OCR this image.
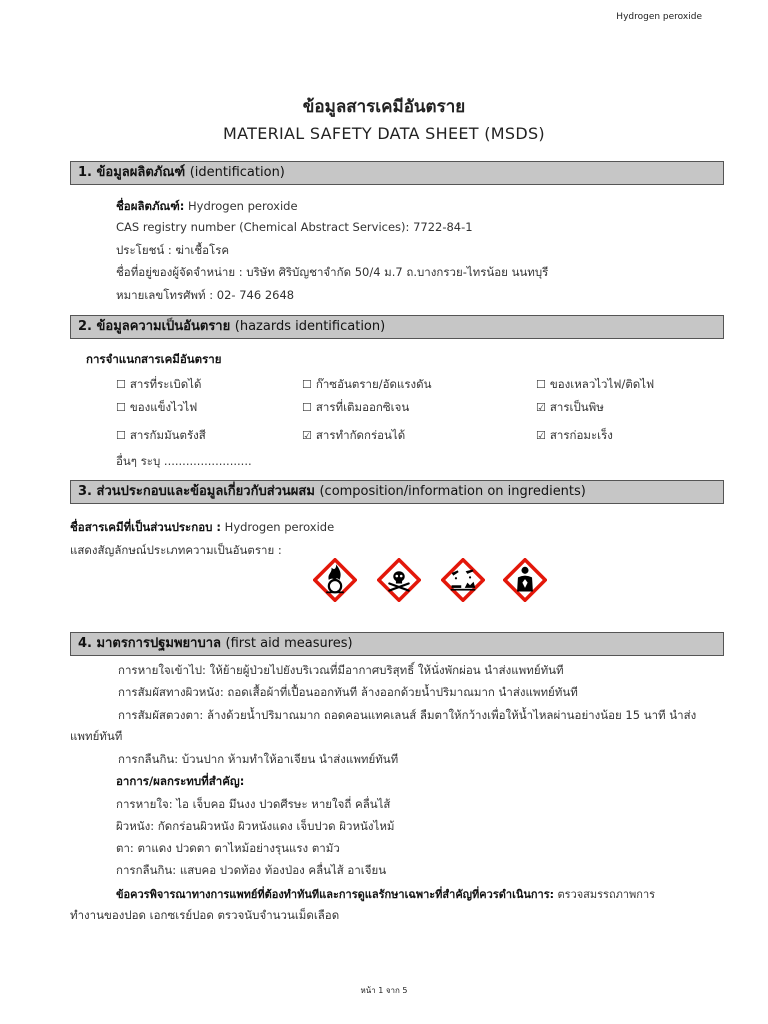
Hydrogen peroxide
ข้อมูลสารเคมีอันตราย
MATERIAL SAFETY DATA SHEET (MSDS)
1. ข้อมูลผลิตภัณฑ์ (identification)
ชื่อผลิตภัณฑ์: Hydrogen peroxide
CAS registry number (Chemical Abstract Services): 7722-84-1
ประโยชน์ : ฆ่าเชื้อโรค
ชื่อที่อยู่ของผู้จัดจำหน่าย : บริษัท ศิริบัญชาจำกัด 50/4 ม.7 ถ.บางกรวย-ไทรน้อย นนทบุรี
หมายเลขโทรศัพท์ : 02- 746 2648
2. ข้อมูลความเป็นอันตราย (hazards identification)
การจำแนกสารเคมีอันตราย
☐ สารที่ระเบิดได้	☐ ก๊าซอันตราย/อัดแรงดัน	☐ ของเหลวไวไฟ/ติดไฟ
☐ ของแข็งไวไฟ	☐ สารที่เติมออกซิเจน	☑ สารเป็นพิษ
☐ สารกัมมันตรังสี	☑ สารทำกัดกร่อนได้	☑ สารก่อมะเร็ง
อื่นๆ ระบุ ........................
3. ส่วนประกอบและข้อมูลเกี่ยวกับส่วนผสม (composition/information on ingredients)
ชื่อสารเคมีที่เป็นส่วนประกอบ : Hydrogen peroxide
แสดงสัญลักษณ์ประเภทความเป็นอันตราย :
4. มาตรการปฐมพยาบาล (first aid measures)
การหายใจเข้าไป: ให้ย้ายผู้ป่วยไปยังบริเวณที่มีอากาศบริสุทธิ์ ให้นั่งพักผ่อน นำส่งแพทย์ทันที
การสัมผัสทางผิวหนัง: ถอดเสื้อผ้าที่เปื้อนออกทันที ล้างออกด้วยน้ำปริมาณมาก นำส่งแพทย์ทันที
การสัมผัสตวงตา: ล้างด้วยน้ำปริมาณมาก ถอดคอนแทคเลนส์ ลืมตาให้กว้างเพื่อให้น้ำไหลผ่านอย่างน้อย 15 นาที นำส่ง
แพทย์ทันที
การกลืนกิน: บ้วนปาก ห้ามทำให้อาเจียน นำส่งแพทย์ทันที
อาการ/ผลกระทบที่สำคัญ:
การหายใจ: ไอ เจ็บคอ มึนงง ปวดศีรษะ หายใจถี่ คลื่นไส้
ผิวหนัง: กัดกร่อนผิวหนัง ผิวหนังแดง เจ็บปวด ผิวหนังไหม้
ตา: ตาแดง ปวดตา ตาไหม้อย่างรุนแรง ตามัว
การกลืนกิน: แสบคอ ปวดท้อง ท้องป่อง คลื่นไส้ อาเจียน
ข้อควรพิจารณาทางการแพทย์ที่ต้องทำทันทีและการดูแลรักษาเฉพาะที่สำคัญที่ควรดำเนินการ: ตรวจสมรรถภาพการ
ทำงานของปอด เอกซเรย์ปอด ตรวจนับจำนวนเม็ดเลือด
หน้า 1 จาก 5
